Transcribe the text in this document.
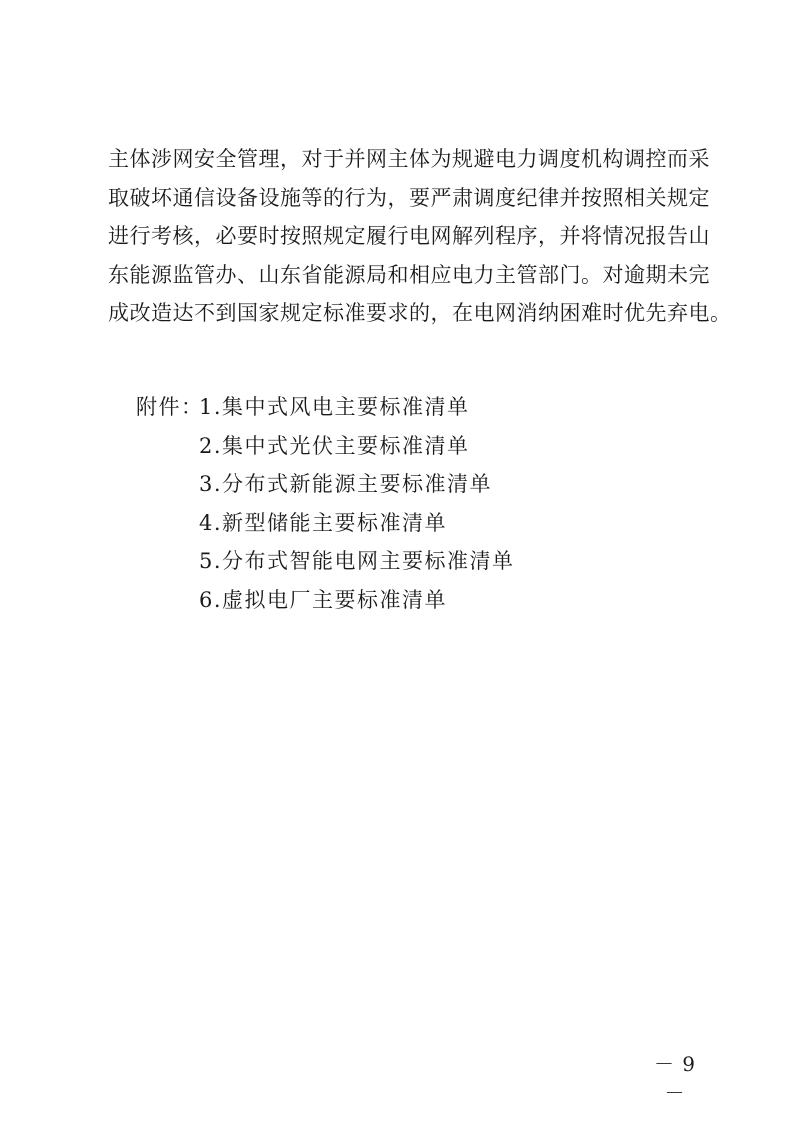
主体涉网安全管理，对于并网主体为规避电力调度机构调控而采
取破坏通信设备设施等的行为，要严肃调度纪律并按照相关规定
进行考核，必要时按照规定履行电网解列程序，并将情况报告山
东能源监管办、山东省能源局和相应电力主管部门。对逾期未完
成改造达不到国家规定标准要求的，在电网消纳困难时优先弃电。
附件：1.集中式风电主要标准清单
2.集中式光伏主要标准清单
3.分布式新能源主要标准清单
4.新型储能主要标准清单
5.分布式智能电网主要标准清单
6.虚拟电厂主要标准清单
－ 9 －
